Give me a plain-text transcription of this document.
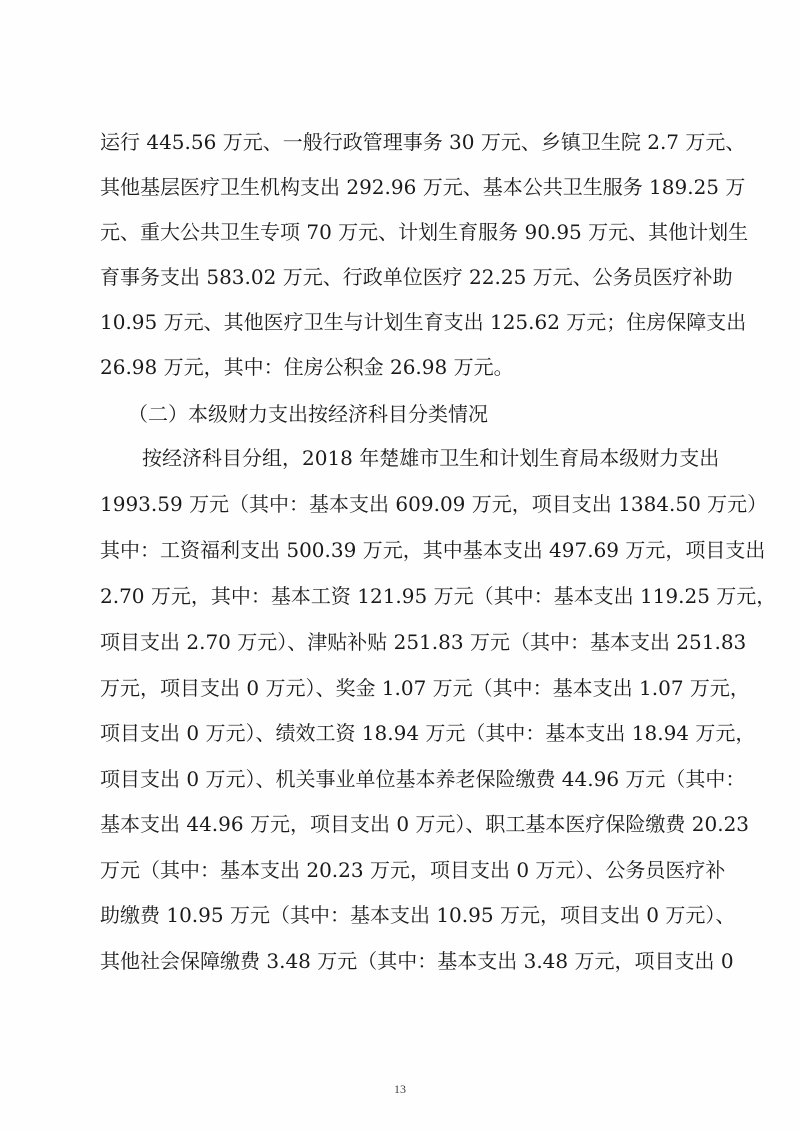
运行 445.56 万元、一般行政管理事务 30 万元、乡镇卫生院 2.7 万元、
其他基层医疗卫生机构支出 292.96 万元、基本公共卫生服务 189.25 万
元、重大公共卫生专项 70 万元、计划生育服务 90.95 万元、其他计划生
育事务支出 583.02 万元、行政单位医疗 22.25 万元、公务员医疗补助
10.95 万元、其他医疗卫生与计划生育支出 125.62 万元；住房保障支出
26.98 万元，其中：住房公积金 26.98 万元。
（二）本级财力支出按经济科目分类情况
按经济科目分组，2018 年楚雄市卫生和计划生育局本级财力支出
1993.59 万元（其中：基本支出 609.09 万元，项目支出 1384.50 万元）
其中：工资福利支出 500.39 万元，其中基本支出 497.69 万元，项目支出
2.70 万元，其中：基本工资 121.95 万元（其中：基本支出 119.25 万元，
项目支出 2.70 万元）、津贴补贴 251.83 万元（其中：基本支出 251.83
万元，项目支出 0 万元）、奖金 1.07 万元（其中：基本支出 1.07 万元，
项目支出 0 万元）、绩效工资 18.94 万元（其中：基本支出 18.94 万元，
项目支出 0 万元）、机关事业单位基本养老保险缴费 44.96 万元（其中：
基本支出 44.96 万元，项目支出 0 万元）、职工基本医疗保险缴费 20.23
万元（其中：基本支出 20.23 万元，项目支出 0 万元）、公务员医疗补
助缴费 10.95 万元（其中：基本支出 10.95 万元，项目支出 0 万元）、
其他社会保障缴费 3.48 万元（其中：基本支出 3.48 万元，项目支出 0
13
